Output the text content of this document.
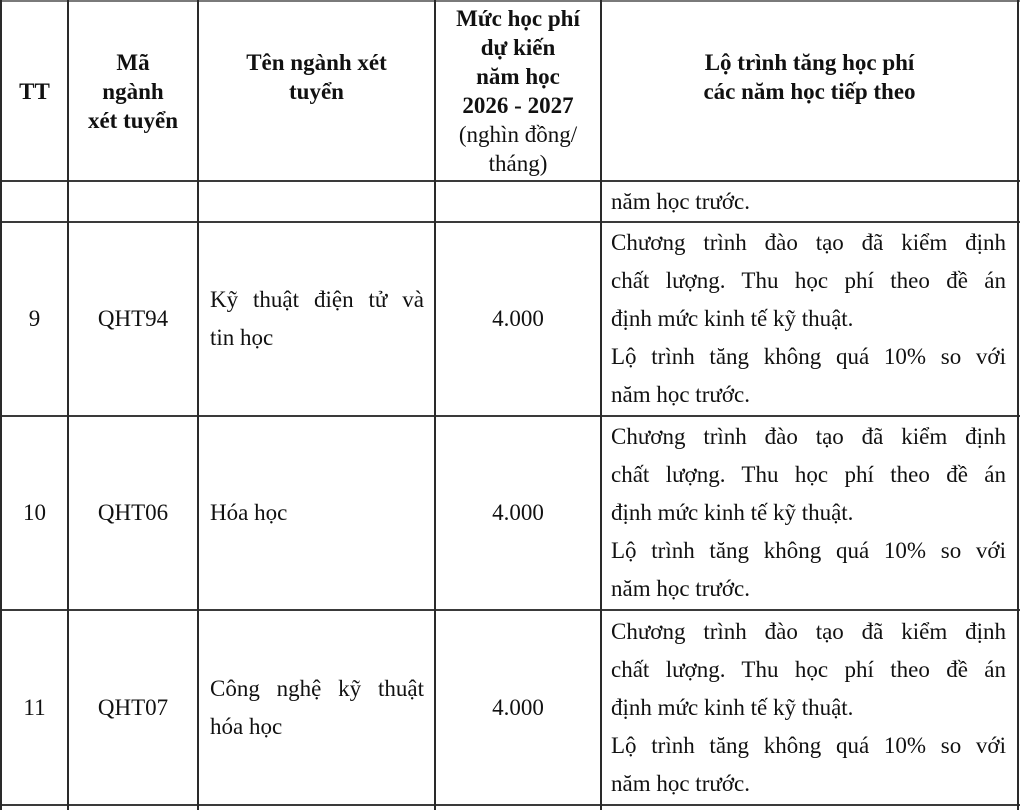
TT
Mã
ngành
xét tuyển
Tên ngành xét
tuyển
Mức học phí
dự kiến
năm học
2026 - 2027
(nghìn đồng/
tháng)
Lộ trình tăng học phí
các năm học tiếp theo
năm học trước.
9	QHT94
Kỹ thuật điện tử và
tin học
4.000
Chương trình đào tạo đã kiểm định
chất lượng. Thu học phí theo đề án
định mức kinh tế kỹ thuật.
Lộ trình tăng không quá 10% so với
năm học trước.
10 QHT06 Hóa học	4.000
Chương trình đào tạo đã kiểm định
chất lượng. Thu học phí theo đề án
định mức kinh tế kỹ thuật.
Lộ trình tăng không quá 10% so với
năm học trước.
11 QHT07
Công nghệ kỹ thuật
hóa học
4.000
Chương trình đào tạo đã kiểm định
chất lượng. Thu học phí theo đề án
định mức kinh tế kỹ thuật.
Lộ trình tăng không quá 10% so với
năm học trước.
